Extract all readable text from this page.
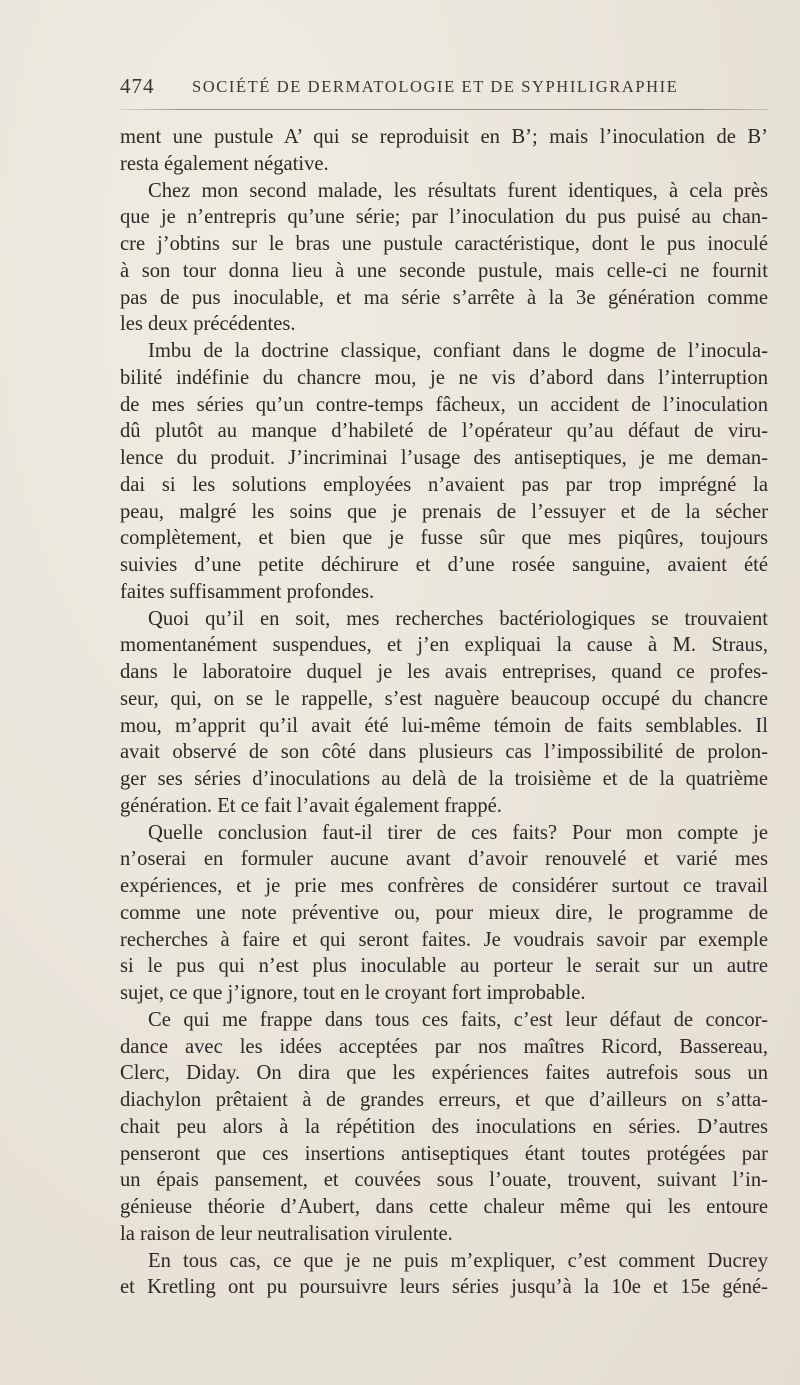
474 SOCIÉTÉ DE DERMATOLOGIE ET DE SYPHILIGRAPHIE
ment une pustule A’ qui se reproduisit en B’; mais l’inoculation de B’
resta également négative.
Chez mon second malade, les résultats furent identiques, à cela près
que je n’entrepris qu’une série; par l’inoculation du pus puisé au chan-
cre j’obtins sur le bras une pustule caractéristique, dont le pus inoculé
à son tour donna lieu à une seconde pustule, mais celle-ci ne fournit
pas de pus inoculable, et ma série s’arrête à la 3e génération comme
les deux précédentes.
Imbu de la doctrine classique, confiant dans le dogme de l’inocula-
bilité indéfinie du chancre mou, je ne vis d’abord dans l’interruption
de mes séries qu’un contre-temps fâcheux, un accident de l’inoculation
dû plutôt au manque d’habileté de l’opérateur qu’au défaut de viru-
lence du produit. J’incriminai l’usage des antiseptiques, je me deman-
dai si les solutions employées n’avaient pas par trop imprégné la
peau, malgré les soins que je prenais de l’essuyer et de la sécher
complètement, et bien que je fusse sûr que mes piqûres, toujours
suivies d’une petite déchirure et d’une rosée sanguine, avaient été
faites suffisamment profondes.
Quoi qu’il en soit, mes recherches bactériologiques se trouvaient
momentanément suspendues, et j’en expliquai la cause à M. Straus,
dans le laboratoire duquel je les avais entreprises, quand ce profes-
seur, qui, on se le rappelle, s’est naguère beaucoup occupé du chancre
mou, m’apprit qu’il avait été lui-même témoin de faits semblables. Il
avait observé de son côté dans plusieurs cas l’impossibilité de prolon-
ger ses séries d’inoculations au delà de la troisième et de la quatrième
génération. Et ce fait l’avait également frappé.
Quelle conclusion faut-il tirer de ces faits? Pour mon compte je
n’oserai en formuler aucune avant d’avoir renouvelé et varié mes
expériences, et je prie mes confrères de considérer surtout ce travail
comme une note préventive ou, pour mieux dire, le programme de
recherches à faire et qui seront faites. Je voudrais savoir par exemple
si le pus qui n’est plus inoculable au porteur le serait sur un autre
sujet, ce que j’ignore, tout en le croyant fort improbable.
Ce qui me frappe dans tous ces faits, c’est leur défaut de concor-
dance avec les idées acceptées par nos maîtres Ricord, Bassereau,
Clerc, Diday. On dira que les expériences faites autrefois sous un
diachylon prêtaient à de grandes erreurs, et que d’ailleurs on s’atta-
chait peu alors à la répétition des inoculations en séries. D’autres
penseront que ces insertions antiseptiques étant toutes protégées par
un épais pansement, et couvées sous l’ouate, trouvent, suivant l’in-
génieuse théorie d’Aubert, dans cette chaleur même qui les entoure
la raison de leur neutralisation virulente.
En tous cas, ce que je ne puis m’expliquer, c’est comment Ducrey
et Kretling ont pu poursuivre leurs séries jusqu’à la 10e et 15e géné-
